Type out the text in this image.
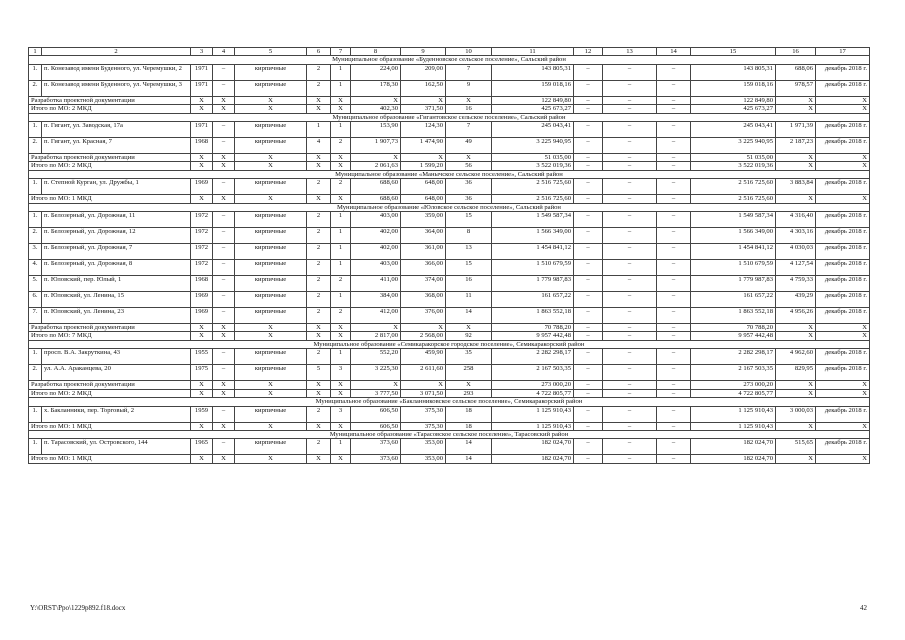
1	2	3	4	5	6	7	8	9	10	11	12	13	14	15	16	17
Муниципальное образование «Буденновское сельское поселение», Сальский район																
1.	п. Конезавод имени Буденного, ул. Черемушки, 2	1971	–	кирпичные	2	1	224,00	209,00	7	143 805,31	–	–	–	143 805,31	688,06	декабрь 2018 г.
2.	п. Конезавод имени Буденного, ул. Черемушки, 3	1971	–	кирпичные	2	1	178,30	162,50	9	159 018,16	–	–	–	159 018,16	978,57	декабрь 2018 г.
Разработка проектной документации		X	X	X	X	X	X	X	X	122 849,80	–	–	–	122 849,80	X	X
Итого по МО: 2 МКД		X	X	X	X	X	402,30	371,50	16	425 673,27	–	–	–	425 673,27	X	X
Муниципальное образование «Гигантовское сельское поселение», Сальский район																
1.	п. Гигант, ул. Заводская, 17а	1971	–	кирпичные	1	1	153,90	124,30	7	245 043,41	–	–	–	245 043,41	1 971,39	декабрь 2018 г.
2.	п. Гигант, ул. Красная, 7	1968	–	кирпичные	4	2	1 907,73	1 474,90	49	3 225 940,95	–	–	–	3 225 940,95	2 187,23	декабрь 2018 г.
Разработка проектной документации		X	X	X	X	X	X	X	X	51 035,00	–	–	–	51 035,00	X	X
Итого по МО: 2 МКД		X	X	X	X	X	2 061,63	1 599,20	56	3 522 019,36	–	–	–	3 522 019,36	X	X
Муниципальное образование «Манычское сельское поселение», Сальский район																
1.	п. Степной Курган, ул. Дружбы, 1	1969	–	кирпичные	2	2	688,60	648,00	36	2 516 725,60	–	–	–	2 516 725,60	3 883,84	декабрь 2018 г.
Итого по МО: 1 МКД		X	X	X	X	X	688,60	648,00	36	2 516 725,60	–	–	–	2 516 725,60	X	X
Муниципальное образование «Юловское сельское поселение», Сальский район																
1.	п. Белозерный, ул. Дорожная, 11	1972	–	кирпичные	2	1	403,00	359,00	15	1 549 587,34	–	–	–	1 549 587,34	4 316,40	декабрь 2018 г.
2.	п. Белозерный, ул. Дорожная, 12	1972	–	кирпичные	2	1	402,00	364,00	8	1 566 349,00	–	–	–	1 566 349,00	4 303,16	декабрь 2018 г.
3.	п. Белозерный, ул. Дорожная, 7	1972	–	кирпичные	2	1	402,00	361,00	13	1 454 841,12	–	–	–	1 454 841,12	4 030,03	декабрь 2018 г.
4.	п. Белозерный, ул. Дорожная, 8	1972	–	кирпичные	2	1	403,00	366,00	15	1 510 679,59	–	–	–	1 510 679,59	4 127,54	декабрь 2018 г.
5.	п. Юловский, пер. Юлый, 1	1968	–	кирпичные	2	2	411,00	374,00	16	1 779 987,83	–	–	–	1 779 987,83	4 759,33	декабрь 2018 г.
6.	п. Юловский, ул. Ленина, 15	1969	–	кирпичные	2	1	384,00	368,00	11	161 657,22	–	–	–	161 657,22	439,29	декабрь 2018 г.
7.	п. Юловский, ул. Ленина, 23	1969	–	кирпичные	2	2	412,00	376,00	14	1 863 552,18	–	–	–	1 863 552,18	4 956,26	декабрь 2018 г.
Разработка проектной документации		X	X	X	X	X	X	X	X	70 788,20	–	–	–	70 788,20	X	X
Итого по МО: 7 МКД		X	X	X	X	X	2 817,00	2 568,00	92	9 957 442,48	–	–	–	9 957 442,48	X	X
Муниципальное образование «Семикаракорское городское поселение», Семикаракорский район																
1.	просп. В.А. Закруткина, 43	1955	–	кирпичные	2	1	552,20	459,90	35	2 282 298,17	–	–	–	2 282 298,17	4 962,60	декабрь 2018 г.
2.	ул. А.А. Араканцева, 20	1975	–	кирпичные	5	3	3 225,30	2 611,60	258	2 167 503,35	–	–	–	2 167 503,35	829,95	декабрь 2018 г.
Разработка проектной документации		X	X	X	X	X	X	X	X	273 000,20	–	–	–	273 000,20	X	X
Итого по МО: 2 МКД		X	X	X	X	X	3 777,50	3 071,50	293	4 722 805,77	–	–	–	4 722 805,77	X	X
Муниципальное образование «Бакланниковское сельское поселение», Семикаракорский район																
1.	х. Бакланники, пер. Торговый, 2	1959	–	кирпичные	2	3	606,50	375,30	18	1 125 910,43	–	–	–	1 125 910,43	3 000,03	декабрь 2018 г.
Итого по МО: 1 МКД		X	X	X	X	X	606,50	375,30	18	1 125 910,43	–	–	–	1 125 910,43	X	X
Муниципальное образование «Тарасовское сельское поселение», Тарасовский район																
1.	п. Тарасовский, ул. Островского, 144	1965	–	кирпичные	2	1	373,60	353,00	14	182 024,70	–	–	–	182 024,70	515,65	декабрь 2018 г.
Итого по МО: 1 МКД		X	X	X	X	X	373,60	353,00	14	182 024,70	–	–	–	182 024,70	X	X
Y:\ORST\Ppo\1229p892.f18.docx	42
